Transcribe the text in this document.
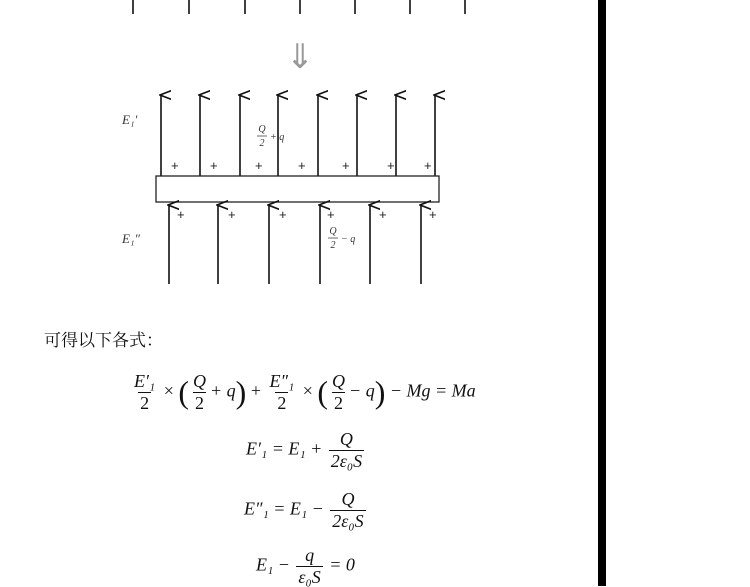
⇓
+ +	+	+	+	+ +
+	+	+	+	+	+
E₁′
E₁″
Q
2
+ q
Q
2
− q
可得以下各式：
$\frac{\text{E′₁}}{2}$ × ( $\frac{Q}{2} + q) + \frac{\text{E″₁}}{2}$ × ( $\frac{Q}{2} - q) - Mg = Ma$
$E'_1 = E_1 + \frac{Q}{\text{2ε₀S}}$
$E''_1 = E_1 - \frac{Q}{\text{2ε₀S}}$
$E_1 - \frac{q}{\text{ε₀S}} = 0$
